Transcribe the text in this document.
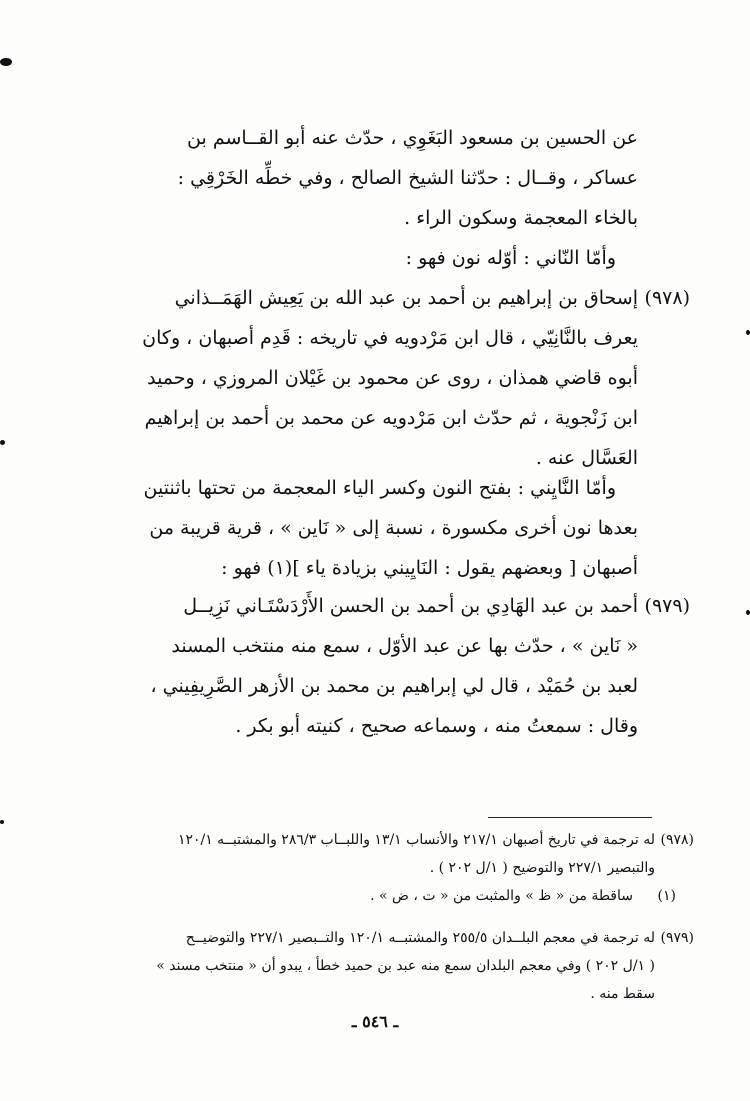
عن الحسين بن مسعود البَغَوِي ، حدّث عنه أبو القــاسم بن
عساكر ، وقــال : حدّثنا الشيخ الصالح ، وفي خطِّه الخَرْقِي :
بالخاء المعجمة وسكون الراء .
وأمّا النّاني : أوّله نون فهو :
(٩٧٨)
إسحاق بن إبراهيم بن أحمد بن عبد الله بن يَعِيش الهَمَــذاني
يعرف بالنَّانِيّي ، قال ابن مَرْدويه في تاريخه : قَدِم أصبهان ، وكان
أبوه قاضي همذان ، روى عن محمود بن غَيْلان المروزي ، وحميد
ابن زَنْجوية ، ثم حدّث ابن مَرْدويه عن محمد بن أحمد بن إبراهيم
العَسَّال عنه .
وأمّا النَّايِني : بفتح النون وكسر الياء المعجمة من تحتها باثنتين
بعدها نون أخرى مكسورة ، نسبة إلى « نَاين » ، قرية قريبة من
أصبهان [ وبعضهم يقول : النَايِيني بزيادة ياء ](١) فهو :
(٩٧٩)
أحمد بن عبد الهَادِي بن أحمد بن الحسن الأَرْدَسْتَـاني نَزِيــل
« نَاين » ، حدّث بها عن عبد الأوّل ، سمع منه منتخب المسند
لعبد بن حُمَيْد ، قال لي إبراهيم بن محمد بن الأزهر الصَّرِيفِيني ،
وقال : سمعتُ منه ، وسماعه صحيح ، كنيته أبو بكر .
(٩٧٨)
له ترجمة في تاريخ أصبهان ٢١٧/١ والأنساب ١٣/١ واللبــاب ٢٨٦/٣ والمشتبــه ١٢٠/١
والتبصير ٢٢٧/١ والتوضيح ( ١/ل ٢٠٢ ) .
(١)
ساقطة من « ظ » والمثبت من « ت ، ض » .
(٩٧٩)
له ترجمة في معجم البلــدان ٢٥٥/٥ والمشتبــه ١٢٠/١ والتــبصير ٢٢٧/١ والتوضيــح
( ١/ل ٢٠٢ ) وفي معجم البلدان سمع منه عبد بن حميد خطأ ، يبدو أن « منتخب مسند »
سقط منه .
ـ ٥٤٦ ـ
